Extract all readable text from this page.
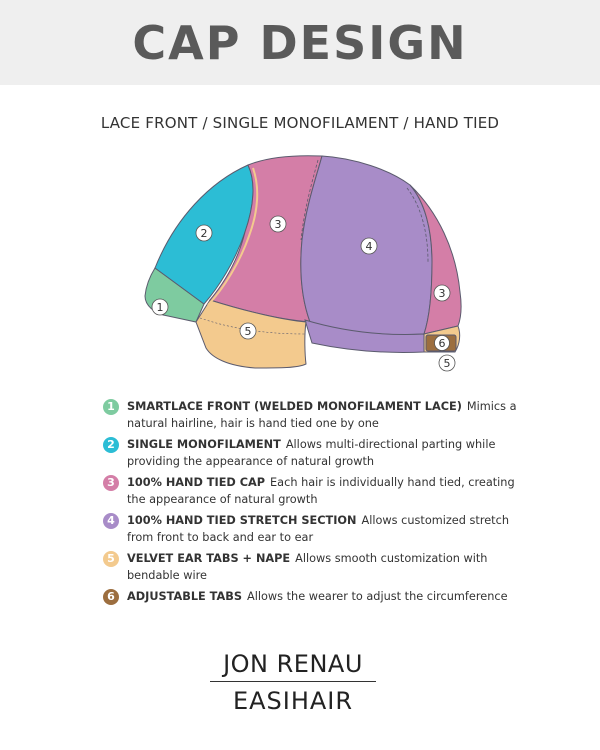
CAP DESIGN
LACE FRONT / SINGLE MONOFILAMENT / HAND TIED
1
2
3
4
3
5
6
5
1	SMARTLACE FRONT (WELDED MONOFILAMENT LACE) Mimics a natural hairline, hair is hand tied one by one
2	SINGLE MONOFILAMENT Allows multi-directional parting while providing the appearance of natural growth
3	100% HAND TIED CAP Each hair is individually hand tied, creating the appearance of natural growth
4	100% HAND TIED STRETCH SECTION Allows customized stretch from front to back and ear to ear
5	VELVET EAR TABS + NAPE Allows smooth customization with bendable wire
6	ADJUSTABLE TABS Allows the wearer to adjust the circumference
JON RENAU
EASIHAIR
